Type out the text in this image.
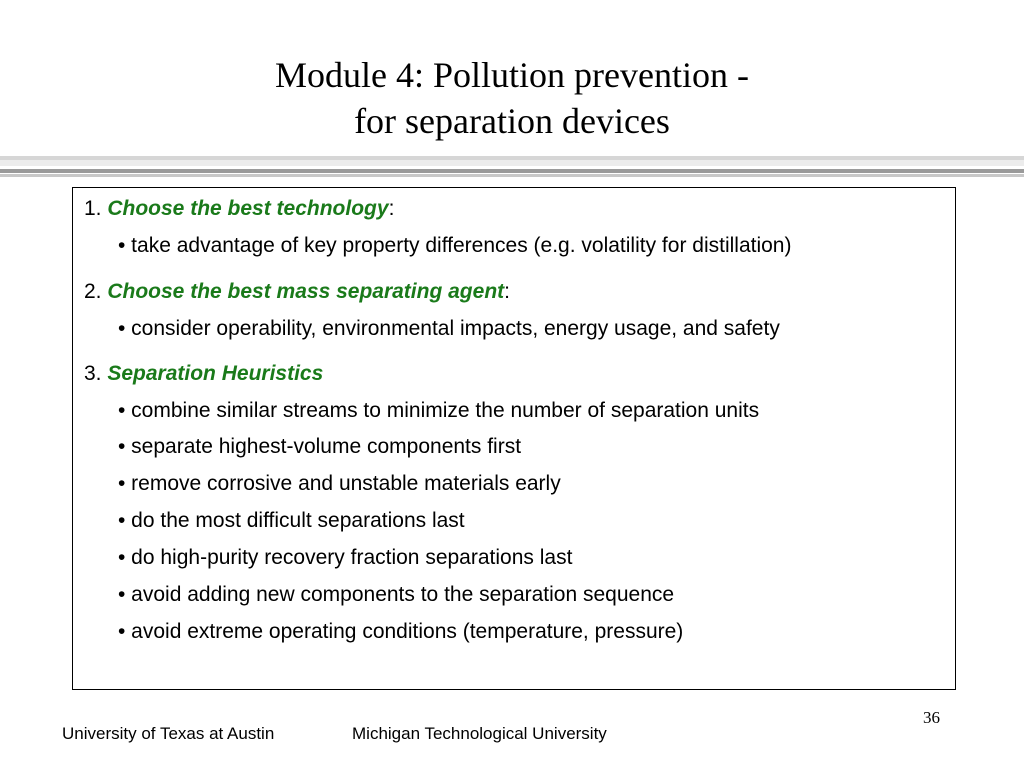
Module 4: Pollution prevention -
for separation devices
1. Choose the best technology:
• take advantage of key property differences (e.g. volatility for distillation)
2. Choose the best mass separating agent:
• consider operability, environmental impacts, energy usage, and safety
3. Separation Heuristics
• combine similar streams to minimize the number of separation units
• separate highest-volume components first
• remove corrosive and unstable materials early
• do the most difficult separations last
• do high-purity recovery fraction separations last
• avoid adding new components to the separation sequence
• avoid extreme operating conditions (temperature, pressure)
36
University of Texas at Austin	Michigan Technological University
